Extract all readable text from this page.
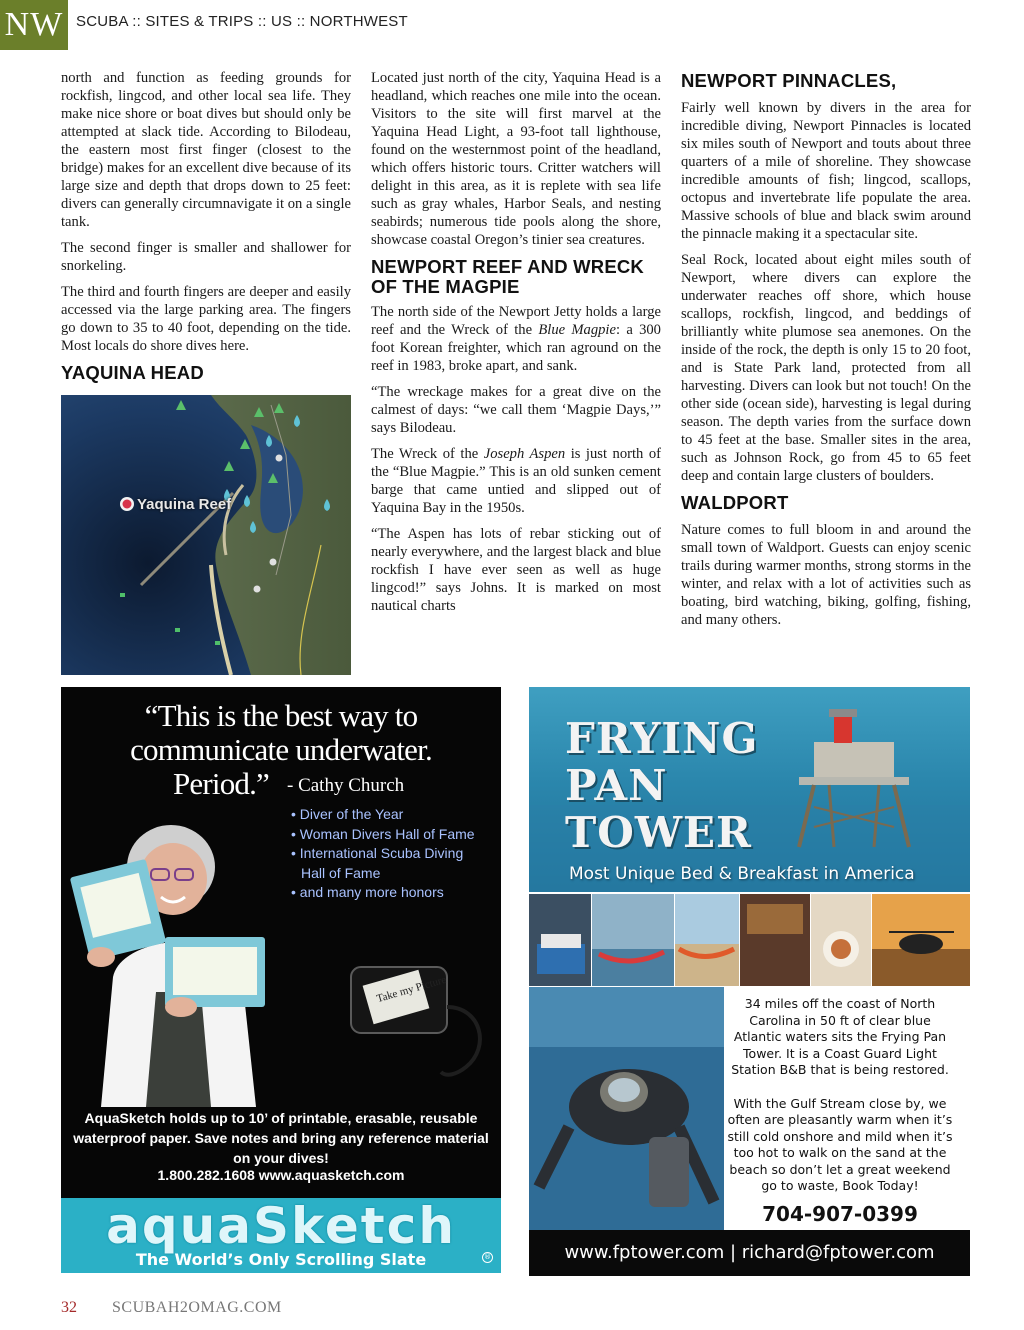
NW SCUBA :: SITES & TRIPS :: US :: NORTHWEST

north and function as feeding grounds for rockfish, lingcod, and other local sea life. They make nice shore or boat dives but should only be attempted at slack tide. According to Bilodeau, the eastern most first finger (closest to the bridge) makes for an excellent dive because of its large size and depth that drops down to 25 feet: divers can generally circumnavigate it on a single tank.

The second finger is smaller and shallower for snorkeling.

The third and fourth fingers are deeper and easily accessed via the large parking area. The fingers go down to 35 to 40 foot, depending on the tide. Most locals do shore dives here.

YAQUINA HEAD
Yaquina Reef

Located just north of the city, Yaquina Head is a headland, which reaches one mile into the ocean. Visitors to the site will first marvel at the Yaquina Head Light, a 93-foot tall lighthouse, found on the westernmost point of the headland, which offers historic tours. Critter watchers will delight in this area, as it is replete with sea life such as gray whales, Harbor Seals, and nesting seabirds; numerous tide pools along the shore, showcase coastal Oregon’s tinier sea creatures.

NEWPORT REEF AND WRECK OF THE MAGPIE

The north side of the Newport Jetty holds a large reef and the Wreck of the Blue Magpie: a 300 foot Korean freighter, which ran aground on the reef in 1983, broke apart, and sank.

“The wreckage makes for a great dive on the calmest of days: “we call them ‘Magpie Days,’” says Bilodeau.

The Wreck of the Joseph Aspen is just north of the “Blue Magpie.” This is an old sunken cement barge that came untied and slipped out of Yaquina Bay in the 1950s.

“The Aspen has lots of rebar sticking out of nearly everywhere, and the largest black and blue rockfish I have ever seen as well as huge lingcod!” says Johns. It is marked on most nautical charts

NEWPORT PINNACLES,

Fairly well known by divers in the area for incredible diving, Newport Pinnacles is located six miles south of Newport and touts about three quarters of a mile of shoreline. They showcase incredible amounts of fish; lingcod, scallops, octopus and invertebrate life populate the area. Massive schools of blue and black swim around the pinnacle making it a spectacular site.

Seal Rock, located about eight miles south of Newport, where divers can explore the underwater reaches off shore, which house scallops, rockfish, lingcod, and beddings of brilliantly white plumose sea anemones. On the inside of the rock, the depth is only 15 to 20 foot, and is State Park land, protected from all harvesting. Divers can look but not touch! On the other side (ocean side), harvesting is legal during season. The depth varies from the surface down to 45 feet at the base. Smaller sites in the area, such as Johnson Rock, go from 45 to 65 feet deep and contain large clusters of boulders.

WALDPORT

Nature comes to full bloom in and around the small town of Waldport. Guests can enjoy scenic trails during warmer months, strong storms in the winter, and relax with a lot of activities such as boating, bird watching, biking, golfing, fishing, and many others.

Take my Picture
“This is the best way to
communicate underwater.
Period.” - Cathy Church
• Diver of the Year
• Woman Divers Hall of Fame
• International Scuba Diving
Hall of Fame
• and many more honors
AquaSketch holds up to 10’ of printable, erasable, reusable waterproof paper. Save notes and bring any reference material on your dives!
1.800.282.1608 www.aquasketch.com
aquaSketch
The World’s Only Scrolling Slate	®
FRYING
PAN
TOWER
Most Unique Bed & Breakfast in America

34 miles off the coast of North Carolina in 50 ft of clear blue Atlantic waters sits the Frying Pan Tower. It is a Coast Guard Light Station B&B that is being restored.

With the Gulf Stream close by, we often are pleasantly warm when it’s still cold onshore and mild when it’s too hot to walk on the sand at the beach so don’t let a great weekend go to waste, Book Today!

704-907-0399
www.fptower.com | richard@fptower.com
32 SCUBAH2OMAG.COM
